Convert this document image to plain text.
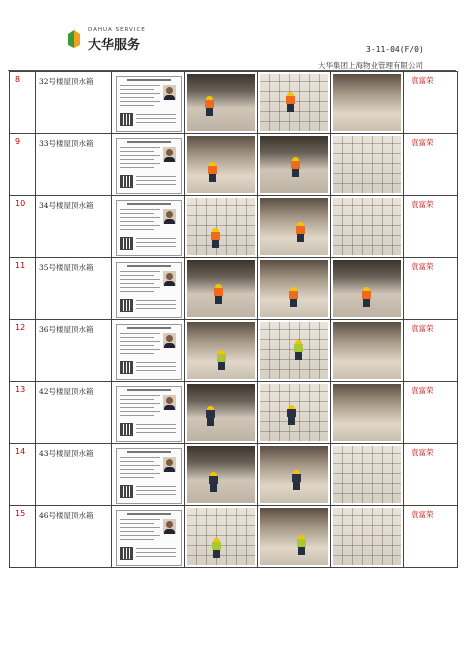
DAHUA SERVICE
大华服务	3-11-04(F/0)
大华集团上海物业管理有限公司
8	32号楼屋顶水箱					袁富荣
9	33号楼屋顶水箱					袁富荣
10	34号楼屋顶水箱					袁富荣
11	35号楼屋顶水箱					袁富荣
12	36号楼屋顶水箱					袁富荣
13	42号楼屋顶水箱					袁富荣
14	43号楼屋顶水箱					袁富荣
15	46号楼屋顶水箱					袁富荣
